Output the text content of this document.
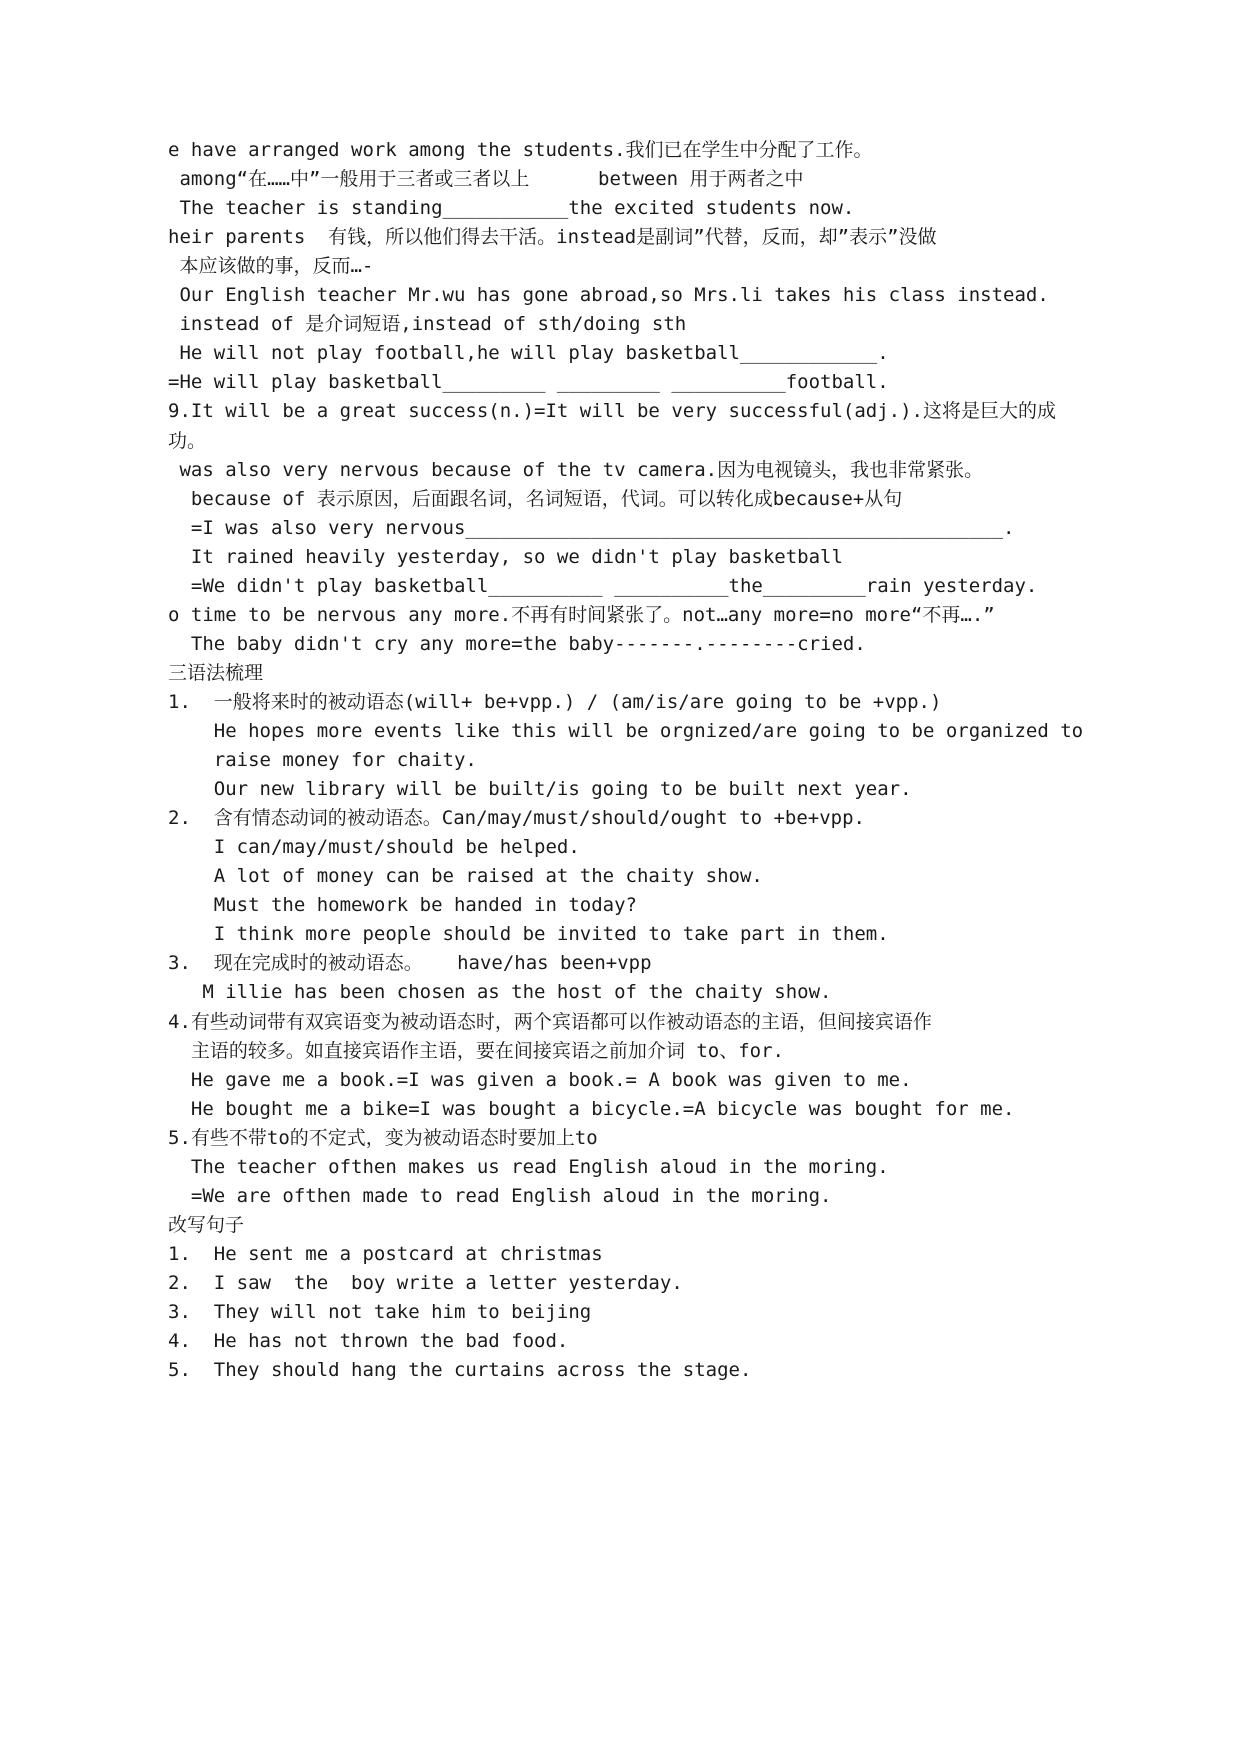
e have arranged work among the students.我们已在学生中分配了工作。
among“在……中”一般用于三者或三者以上      between 用于两者之中
The teacher is standing___________the excited students now.
heir parents  有钱，所以他们得去干活。instead是副词”代替，反而，却”表示”没做
本应该做的事，反而…-
Our English teacher Mr.wu has gone abroad,so Mrs.li takes his class instead.
instead of 是介词短语,instead of sth/doing sth
He will not play football,he will play basketball____________.
=He will play basketball_________ _________ __________football.
9.It will be a great success(n.)=It will be very successful(adj.).这将是巨大的成
功。
was also very nervous because of the tv camera.因为电视镜头，我也非常紧张。
because of 表示原因，后面跟名词，名词短语，代词。可以转化成because+从句
=I was also very nervous_______________________________________________.
It rained heavily yesterday, so we didn't play basketball
=We didn't play basketball__________ __________the_________rain yesterday.
o time to be nervous any more.不再有时间紧张了。not…any more=no more“不再….”
The baby didn't cry any more=the baby-------.--------cried.
三语法梳理
1.  一般将来时的被动语态(will+ be+vpp.) / (am/is/are going to be +vpp.)
He hopes more events like this will be orgnized/are going to be organized to
raise money for chaity.
Our new library will be built/is going to be built next year.
2.  含有情态动词的被动语态。Can/may/must/should/ought to +be+vpp.
I can/may/must/should be helped.
A lot of money can be raised at the chaity show.
Must the homework be handed in today?
I think more people should be invited to take part in them.
3.  现在完成时的被动语态。   have/has been+vpp
M illie has been chosen as the host of the chaity show.
4.有些动词带有双宾语变为被动语态时，两个宾语都可以作被动语态的主语，但间接宾语作
主语的较多。如直接宾语作主语，要在间接宾语之前加介词 to、for.
He gave me a book.=I was given a book.= A book was given to me.
He bought me a bike=I was bought a bicycle.=A bicycle was bought for me.
5.有些不带to的不定式，变为被动语态时要加上to
The teacher ofthen makes us read English aloud in the moring.
=We are ofthen made to read English aloud in the moring.
改写句子
1.  He sent me a postcard at christmas
2.  I saw  the  boy write a letter yesterday.
3.  They will not take him to beijing
4.  He has not thrown the bad food.
5.  They should hang the curtains across the stage.
